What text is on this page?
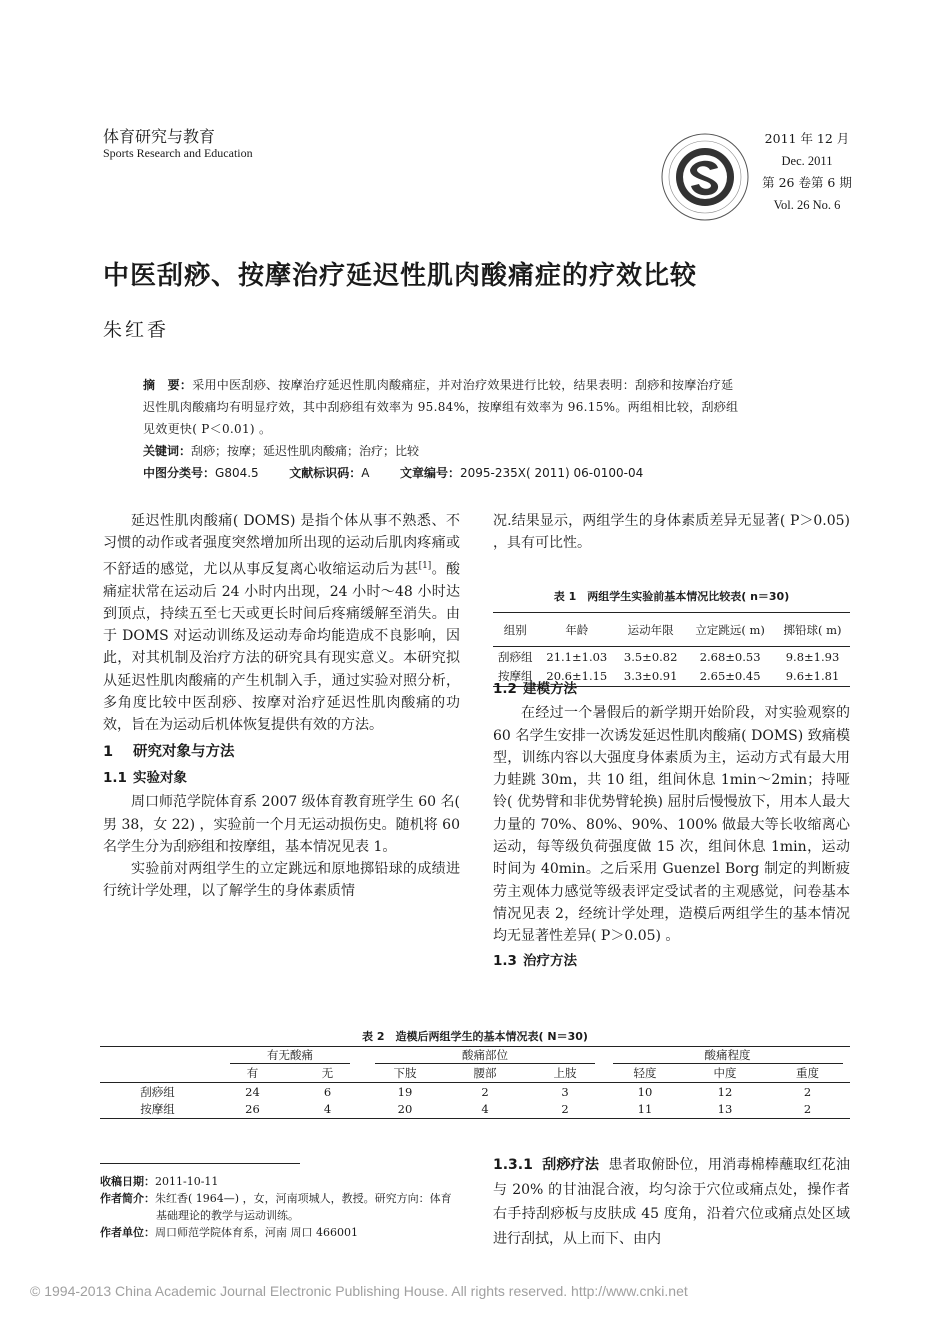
体育研究与教育
Sports Research and Education
2011 年 12 月
Dec. 2011
第 26 卷第 6 期
Vol. 26 No. 6
中医刮痧、按摩治疗延迟性肌肉酸痛症的疗效比较
朱红香

摘　要：采用中医刮痧、按摩治疗延迟性肌肉酸痛症，并对治疗效果进行比较，结果表明：刮痧和按摩治疗延

迟性肌肉酸痛均有明显疗效，其中刮痧组有效率为 95.84%，按摩组有效率为 96.15%。两组相比较，刮痧组

见效更快( P＜0.01) 。

关键词：刮痧；按摩；延迟性肌肉酸痛；治疗；比较

中图分类号：G804.5	文献标识码：A	文章编号：2095-235X( 2011) 06-0100-04

延迟性肌肉酸痛( DOMS) 是指个体从事不熟悉、不习惯的动作或者强度突然增加所出现的运动后肌肉疼痛或不舒适的感觉，尤以从事反复离心收缩运动后为甚[1]。酸痛症状常在运动后 24 小时内出现，24 小时～48 小时达到顶点，持续五至七天或更长时间后疼痛缓解至消失。由于 DOMS 对运动训练及运动寿命均能造成不良影响，因此，对其机制及治疗方法的研究具有现实意义。本研究拟从延迟性肌肉酸痛的产生机制入手，通过实验对照分析，多角度比较中医刮痧、按摩对治疗延迟性肌肉酸痛的功效，旨在为运动后机体恢复提供有效的方法。

1 研究对象与方法
1.1 实验对象

周口师范学院体育系 2007 级体育教育班学生 60 名( 男 38，女 22) ，实验前一个月无运动损伤史。随机将 60 名学生分为刮痧组和按摩组，基本情况见表 1。

实验前对两组学生的立定跳远和原地掷铅球的成绩进行统计学处理，以了解学生的身体素质情

况.结果显示，两组学生的身体素质差异无显著( P＞0.05) ，具有可比性。
表 1　两组学生实验前基本情况比较表( n＝30)
组别	年龄	运动年限	立定跳远( m)	掷铅球( m)
刮痧组	21.1±1.03	3.5±0.82	2.68±0.53	9.8±1.93
按摩组	20.6±1.15	3.3±0.91	2.65±0.45	9.6±1.81
1.2 建模方法

在经过一个暑假后的新学期开始阶段，对实验观察的 60 名学生安排一次诱发延迟性肌肉酸痛( DOMS) 致痛模型，训练内容以大强度身体素质为主，运动方式有最大用力蛙跳 30m，共 10 组，组间休息 1min～2min；持哑铃( 优势臂和非优势臂轮换) 屈肘后慢慢放下，用本人最大力量的 70%、80%、90%、100% 做最大等长收缩离心运动，每等级负荷强度做 15 次，组间休息 1min，运动时间为 40min。之后采用 Guenzel Borg 制定的判断疲劳主观体力感觉等级表评定受试者的主观感觉，问卷基本情况见表 2，经统计学处理，造模后两组学生的基本情况均无显著性差异( P＞0.05) 。

1.3 治疗方法
表 2　造模后两组学生的基本情况表( N＝30)
	有无酸痛		酸痛部位			酸痛程度		
	有	无	下肢	腰部	上肢	轻度	中度	重度
刮痧组	24	6	19	2	3	10	12	2
按摩组	26	4	20	4	2	11	13	2

1.3.1 刮痧疗法 患者取俯卧位，用消毒棉棒蘸取红花油与 20% 的甘油混合液，均匀涂于穴位或痛点处，操作者右手持刮痧板与皮肤成 45 度角，沿着穴位或痛点处区域进行刮拭，从上而下、由内

收稿日期：2011-10-11
作者简介：朱红香( 1964—) ，女，河南项城人，教授。研究方向：体育
基础理论的教学与运动训练。
作者单位：周口师范学院体育系，河南 周口 466001
© 1994-2013 China Academic Journal Electronic Publishing House. All rights reserved. http://www.cnki.net
